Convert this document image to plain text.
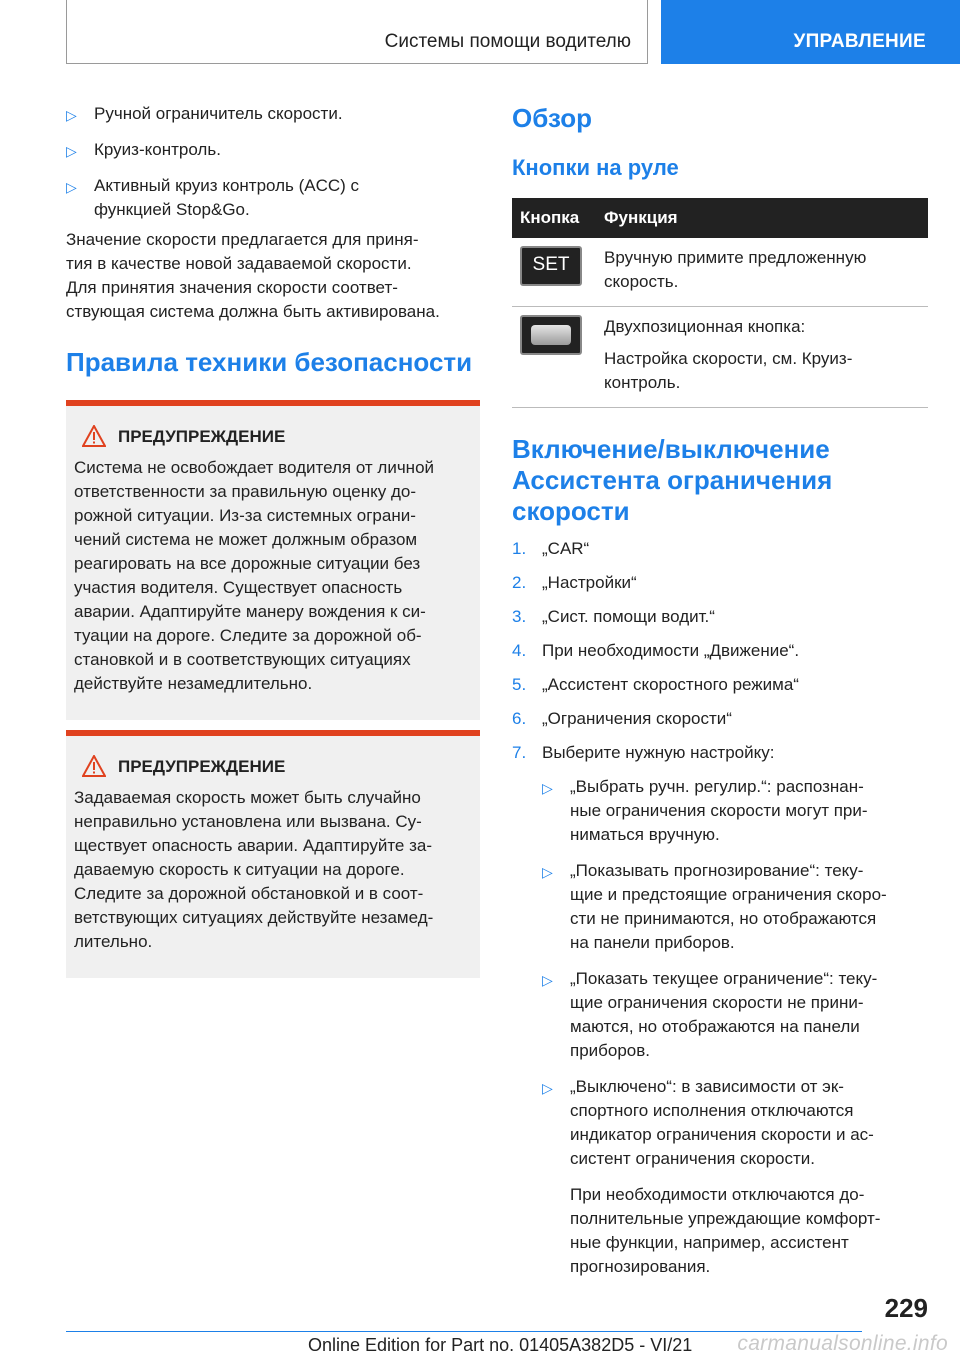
Системы помощи водителю	УПРАВЛЕНИЕ
▷ Ручной ограничитель скорости.
▷ Круиз-контроль.
▷ Активный круиз контроль (ACC) с
функцией Stop&Go.
Значение скорости предлагается для приня-
тия в качестве новой задаваемой скорости.
Для принятия значения скорости соответ-
ствующая система должна быть активирована.
Правила техники безопасности
ПРЕДУПРЕЖДЕНИЕ
Система не освобождает водителя от личной
ответственности за правильную оценку до-
рожной ситуации. Из-за системных ограни-
чений система не может должным образом
реагировать на все дорожные ситуации без
участия водителя. Существует опасность
аварии. Адаптируйте манеру вождения к си-
туации на дороге. Следите за дорожной об-
становкой и в соответствующих ситуациях
действуйте незамедлительно.
ПРЕДУПРЕЖДЕНИЕ
Задаваемая скорость может быть случайно
неправильно установлена или вызвана. Су-
ществует опасность аварии. Адаптируйте за-
даваемую скорость к ситуации на дороге.
Следите за дорожной обстановкой и в соот-
ветствующих ситуациях действуйте незамед-
лительно.
Обзор
Кнопки на руле
Кнопка	Функция
SET	Вручную примите предложенную
скорость.

	Двухпозиционная кнопка:
Настройка скорости, см. Круиз-
контроль.
Включение/выключение
Ассистента ограничения
скорости
1. „CAR“
2. „Настройки“
3. „Сист. помощи водит.“
4. При необходимости „Движение“.
5. „Ассистент скоростного режима“
6. „Ограничения скорости“
7. Выберите нужную настройку:
▷ „Выбрать ручн. регулир.“: распознан-
ные ограничения скорости могут при-
ниматься вручную.
▷ „Показывать прогнозирование“: теку-
щие и предстоящие ограничения скоро-
сти не принимаются, но отображаются
на панели приборов.
▷ „Показать текущее ограничение“: теку-
щие ограничения скорости не прини-
маются, но отображаются на панели
приборов.
▷ „Выключено“: в зависимости от эк-
спортного исполнения отключаются
индикатор ограничения скорости и ас-
систент ограничения скорости.
При необходимости отключаются до-
полнительные упреждающие комфорт-
ные функции, например, ассистент
прогнозирования.
229
Online Edition for Part no. 01405A382D5 - VI/21 carmanualsonline.info
